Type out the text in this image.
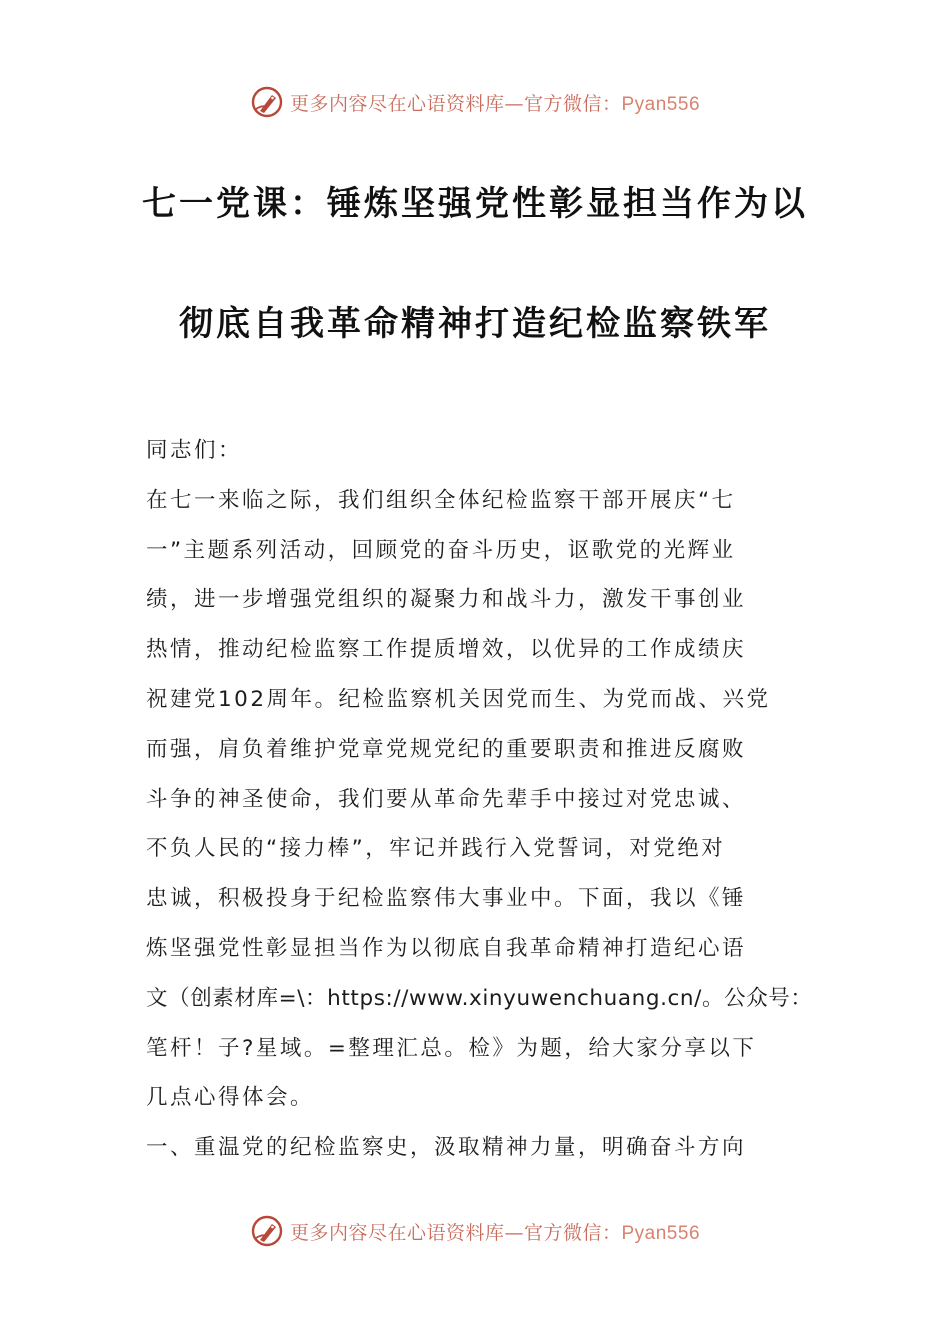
更多内容尽在心语资料库—官方微信：Pyan556
七一党课：锤炼坚强党性彰显担当作为以
彻底自我革命精神打造纪检监察铁军

同志们：

在七一来临之际，我们组织全体纪检监察干部开展庆“七
一”主题系列活动，回顾党的奋斗历史，讴歌党的光辉业
绩，进一步增强党组织的凝聚力和战斗力，激发干事创业
热情，推动纪检监察工作提质增效，以优异的工作成绩庆
祝建党102周年。纪检监察机关因党而生、为党而战、兴党
而强，肩负着维护党章党规党纪的重要职责和推进反腐败
斗争的神圣使命，我们要从革命先辈手中接过对党忠诚、
不负人民的“接力棒”，牢记并践行入党誓词，对党绝对
忠诚，积极投身于纪检监察伟大事业中。下面，我以《锤
炼坚强党性彰显担当作为以彻底自我革命精神打造纪心语
文（创素材库=\：https://www.xinyuwenchuang.cn/。公众号：
笔杆！子?星域。=整理汇总。检》为题，给大家分享以下
几点心得体会。

一、重温党的纪检监察史，汲取精神力量，明确奋斗方向

更多内容尽在心语资料库—官方微信：Pyan556
